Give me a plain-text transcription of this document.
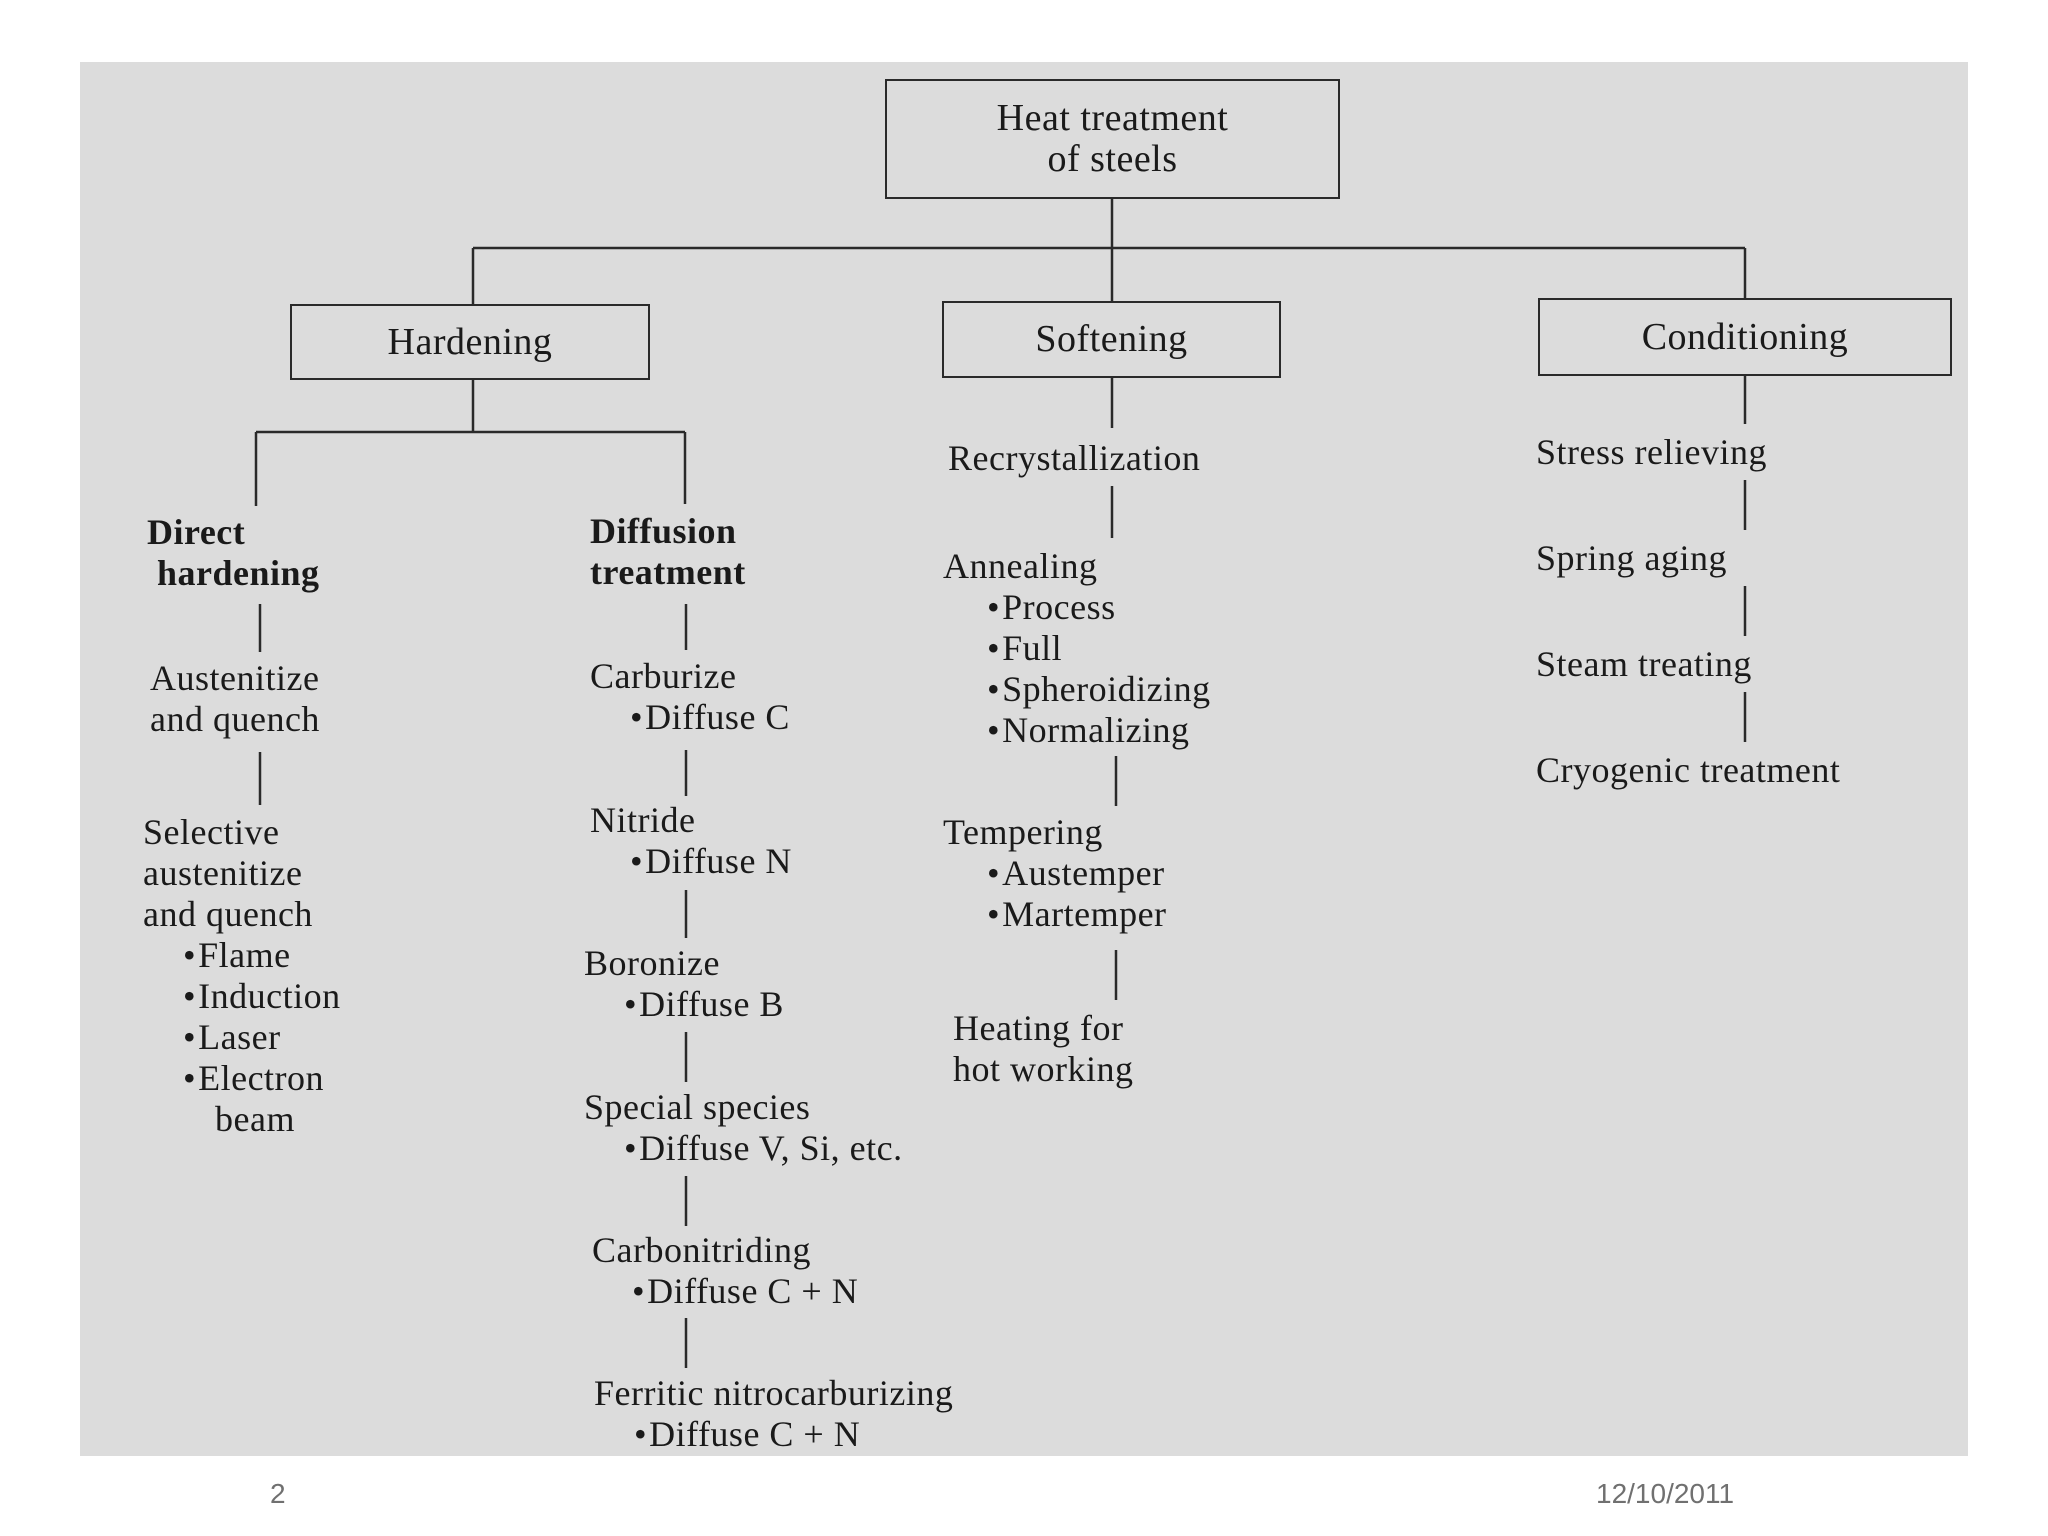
Heat treatment
of steels
Hardening	Softening	Conditioning
Direct
hardening
Austenitize
and quench
Selective
austenitize
and quench
• Flame
• Induction
• Laser
• Electron
beam
Diffusion
treatment
Carburize
• Diffuse C
Nitride
• Diffuse N
Boronize
• Diffuse B
Special species
• Diffuse V, Si, etc.
Carbonitriding
• Diffuse C + N
Ferritic nitrocarburizing
• Diffuse C + N
Recrystallization
Annealing
• Process
• Full
• Spheroidizing
• Normalizing
Tempering
• Austemper
• Martemper
Heating for
hot working
Stress relieving
Spring aging
Steam treating
Cryogenic treatment
2	12/10/2011
